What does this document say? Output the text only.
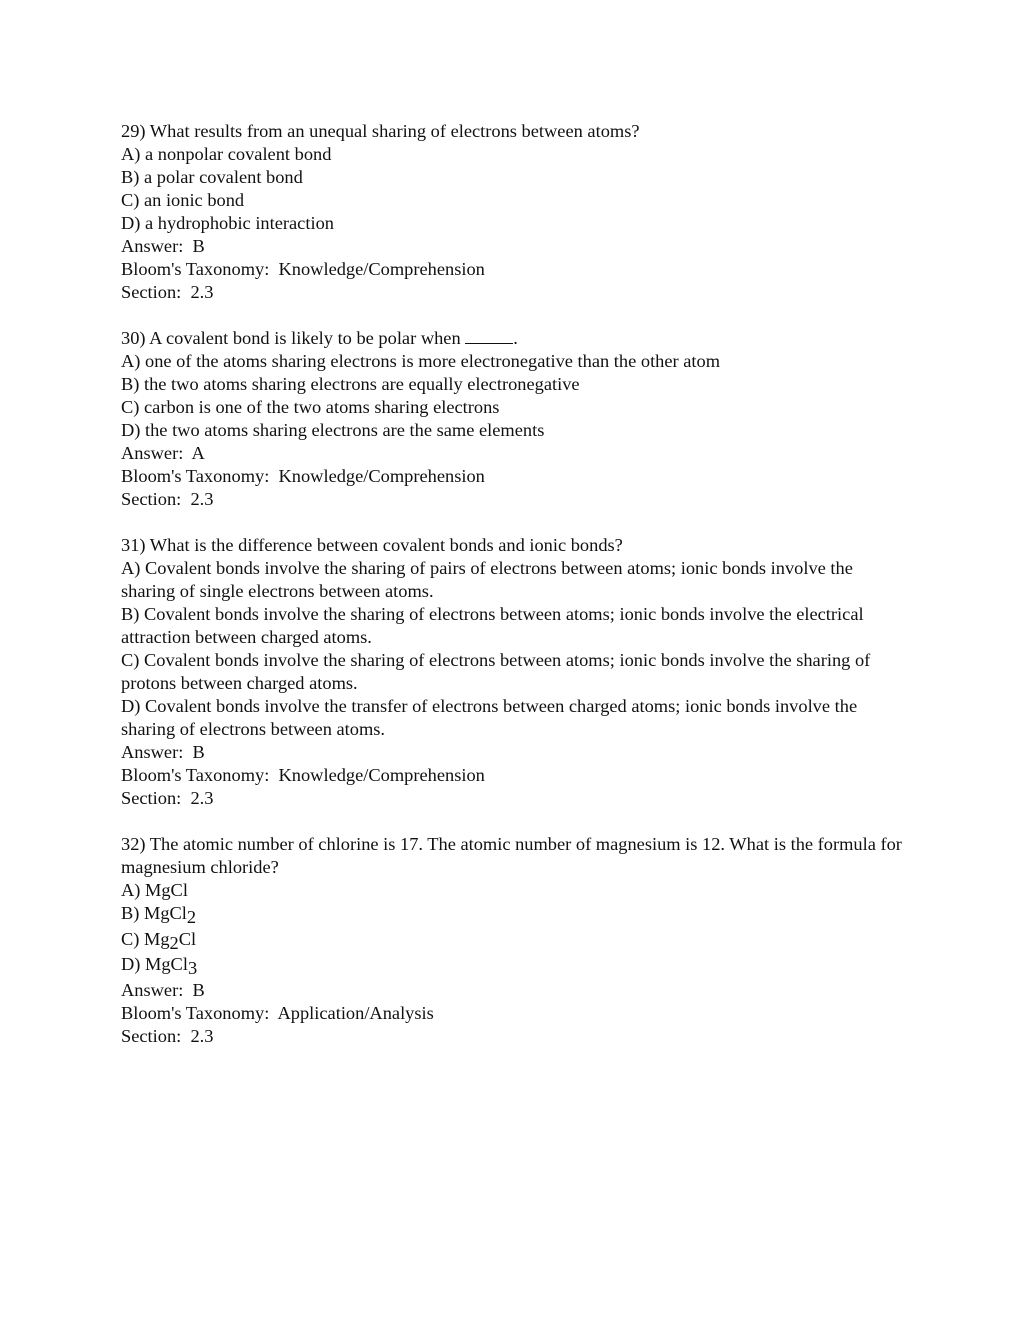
29) What results from an unequal sharing of electrons between atoms?
A) a nonpolar covalent bond
B) a polar covalent bond
C) an ionic bond
D) a hydrophobic interaction
Answer:  B
Bloom's Taxonomy:  Knowledge/Comprehension
Section:  2.3
30) A covalent bond is likely to be polar when	.
A) one of the atoms sharing electrons is more electronegative than the other atom
B) the two atoms sharing electrons are equally electronegative
C) carbon is one of the two atoms sharing electrons
D) the two atoms sharing electrons are the same elements
Answer:  A
Bloom's Taxonomy:  Knowledge/Comprehension
Section:  2.3
31) What is the difference between covalent bonds and ionic bonds?
A) Covalent bonds involve the sharing of pairs of electrons between atoms; ionic bonds involve the sharing of single electrons between atoms.
B) Covalent bonds involve the sharing of electrons between atoms; ionic bonds involve the electrical attraction between charged atoms.
C) Covalent bonds involve the sharing of electrons between atoms; ionic bonds involve the sharing of protons between charged atoms.
D) Covalent bonds involve the transfer of electrons between charged atoms; ionic bonds involve the sharing of electrons between atoms.
Answer:  B
Bloom's Taxonomy:  Knowledge/Comprehension
Section:  2.3
32) The atomic number of chlorine is 17. The atomic number of magnesium is 12. What is the formula for magnesium chloride?
A) MgCl
B) MgCl2
C) Mg2Cl
D) MgCl3
Answer:  B
Bloom's Taxonomy:  Application/Analysis
Section:  2.3
